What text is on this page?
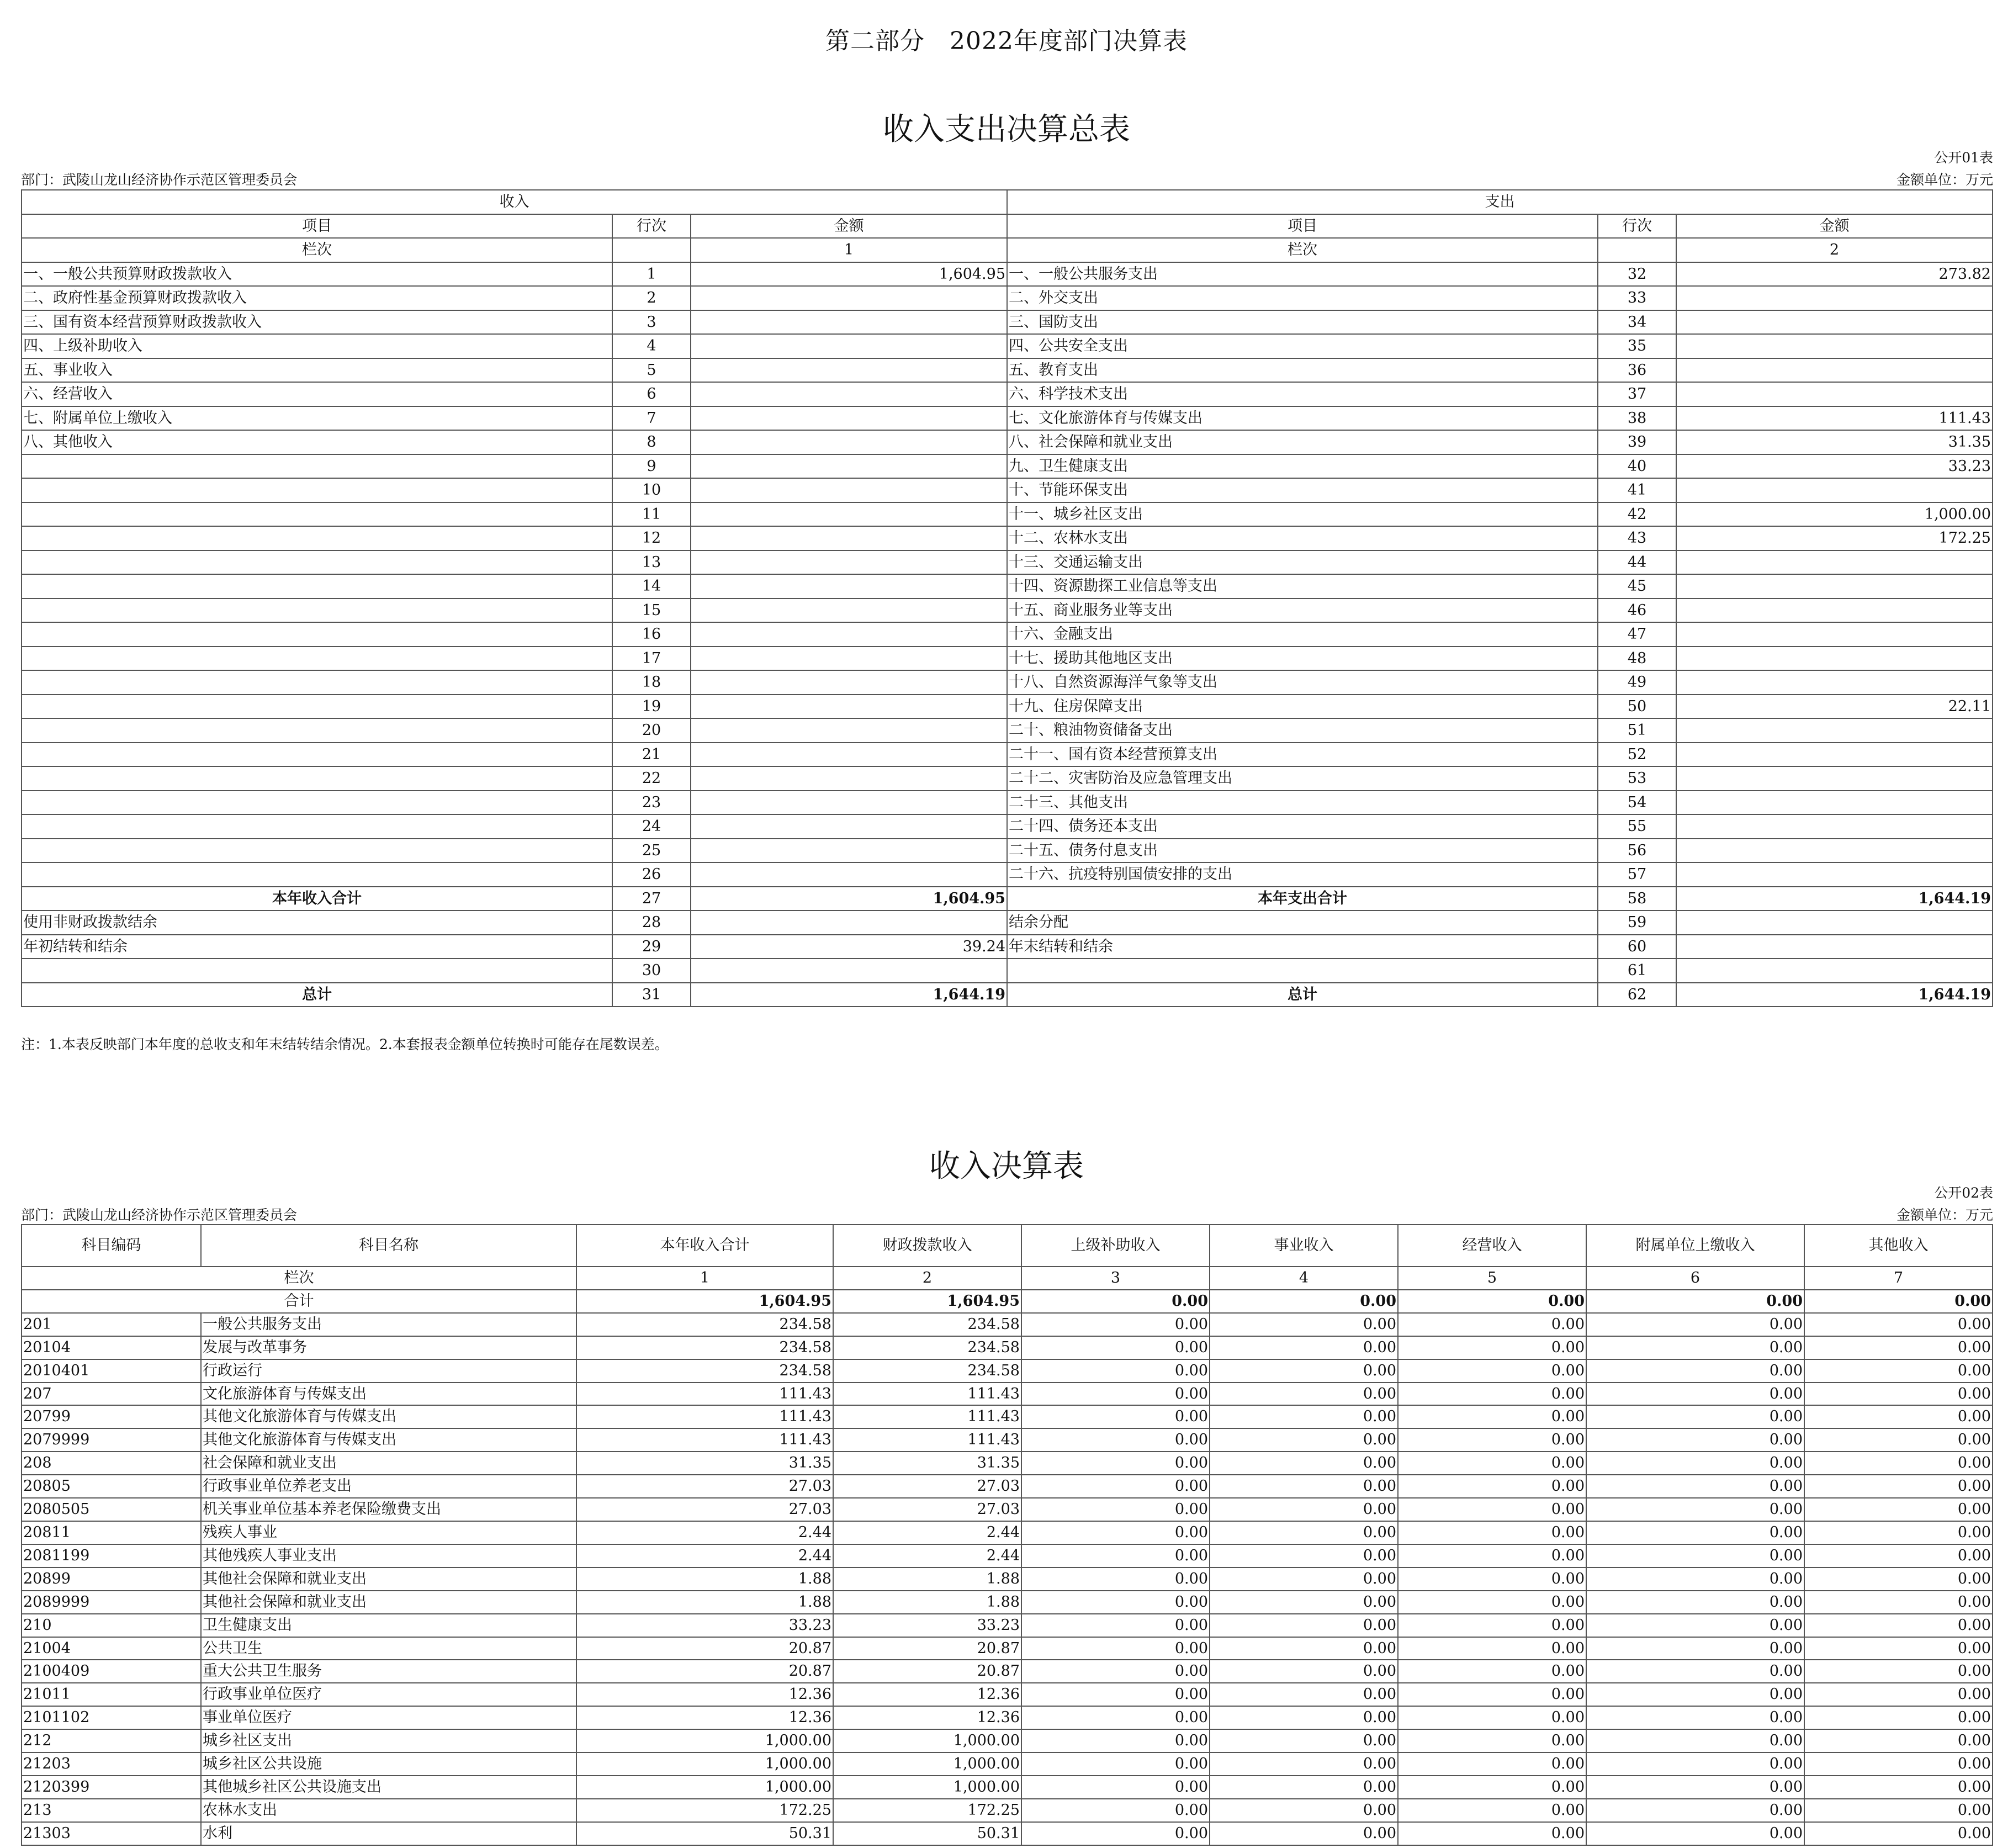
第二部分　2022年度部门决算表
收入支出决算总表
公开01表
部门：武陵山龙山经济协作示范区管理委员会	金额单位：万元
收入			支出		
项目	行次	金额	项目	行次	金额
栏次		1	栏次		2
一、一般公共预算财政拨款收入	1	1,604.95	一、一般公共服务支出	32	273.82
二、政府性基金预算财政拨款收入	2		二、外交支出	33	
三、国有资本经营预算财政拨款收入	3		三、国防支出	34	
四、上级补助收入	4		四、公共安全支出	35	
五、事业收入	5		五、教育支出	36	
六、经营收入	6		六、科学技术支出	37	
七、附属单位上缴收入	7		七、文化旅游体育与传媒支出	38	111.43
八、其他收入	8		八、社会保障和就业支出	39	31.35
	9		九、卫生健康支出	40	33.23
	10		十、节能环保支出	41	
	11		十一、城乡社区支出	42	1,000.00
	12		十二、农林水支出	43	172.25
	13		十三、交通运输支出	44	
	14		十四、资源勘探工业信息等支出	45	
	15		十五、商业服务业等支出	46	
	16		十六、金融支出	47	
	17		十七、援助其他地区支出	48	
	18		十八、自然资源海洋气象等支出	49	
	19		十九、住房保障支出	50	22.11
	20		二十、粮油物资储备支出	51	
	21		二十一、国有资本经营预算支出	52	
	22		二十二、灾害防治及应急管理支出	53	
	23		二十三、其他支出	54	
	24		二十四、债务还本支出	55	
	25		二十五、债务付息支出	56	
	26		二十六、抗疫特别国债安排的支出	57	
本年收入合计	27	1,604.95	本年支出合计	58	1,644.19
使用非财政拨款结余	28		结余分配	59	
年初结转和结余	29	39.24	年末结转和结余	60	
	30			61	
总计	31	1,644.19	总计	62	1,644.19
注：1.本表反映部门本年度的总收支和年末结转结余情况。2.本套报表金额单位转换时可能存在尾数误差。
收入决算表
公开02表
部门：武陵山龙山经济协作示范区管理委员会	金额单位：万元
科目编码	科目名称	本年收入合计	财政拨款收入	上级补助收入	事业收入	经营收入	附属单位上缴收入	其他收入
栏次		1	2	3	4	5	6	7
合计		1,604.95	1,604.95	0.00	0.00	0.00	0.00	0.00
201	一般公共服务支出	234.58	234.58	0.00	0.00	0.00	0.00	0.00
20104	发展与改革事务	234.58	234.58	0.00	0.00	0.00	0.00	0.00
2010401	行政运行	234.58	234.58	0.00	0.00	0.00	0.00	0.00
207	文化旅游体育与传媒支出	111.43	111.43	0.00	0.00	0.00	0.00	0.00
20799	其他文化旅游体育与传媒支出	111.43	111.43	0.00	0.00	0.00	0.00	0.00
2079999	其他文化旅游体育与传媒支出	111.43	111.43	0.00	0.00	0.00	0.00	0.00
208	社会保障和就业支出	31.35	31.35	0.00	0.00	0.00	0.00	0.00
20805	行政事业单位养老支出	27.03	27.03	0.00	0.00	0.00	0.00	0.00
2080505	机关事业单位基本养老保险缴费支出	27.03	27.03	0.00	0.00	0.00	0.00	0.00
20811	残疾人事业	2.44	2.44	0.00	0.00	0.00	0.00	0.00
2081199	其他残疾人事业支出	2.44	2.44	0.00	0.00	0.00	0.00	0.00
20899	其他社会保障和就业支出	1.88	1.88	0.00	0.00	0.00	0.00	0.00
2089999	其他社会保障和就业支出	1.88	1.88	0.00	0.00	0.00	0.00	0.00
210	卫生健康支出	33.23	33.23	0.00	0.00	0.00	0.00	0.00
21004	公共卫生	20.87	20.87	0.00	0.00	0.00	0.00	0.00
2100409	重大公共卫生服务	20.87	20.87	0.00	0.00	0.00	0.00	0.00
21011	行政事业单位医疗	12.36	12.36	0.00	0.00	0.00	0.00	0.00
2101102	事业单位医疗	12.36	12.36	0.00	0.00	0.00	0.00	0.00
212	城乡社区支出	1,000.00	1,000.00	0.00	0.00	0.00	0.00	0.00
21203	城乡社区公共设施	1,000.00	1,000.00	0.00	0.00	0.00	0.00	0.00
2120399	其他城乡社区公共设施支出	1,000.00	1,000.00	0.00	0.00	0.00	0.00	0.00
213	农林水支出	172.25	172.25	0.00	0.00	0.00	0.00	0.00
21303	水利	50.31	50.31	0.00	0.00	0.00	0.00	0.00
